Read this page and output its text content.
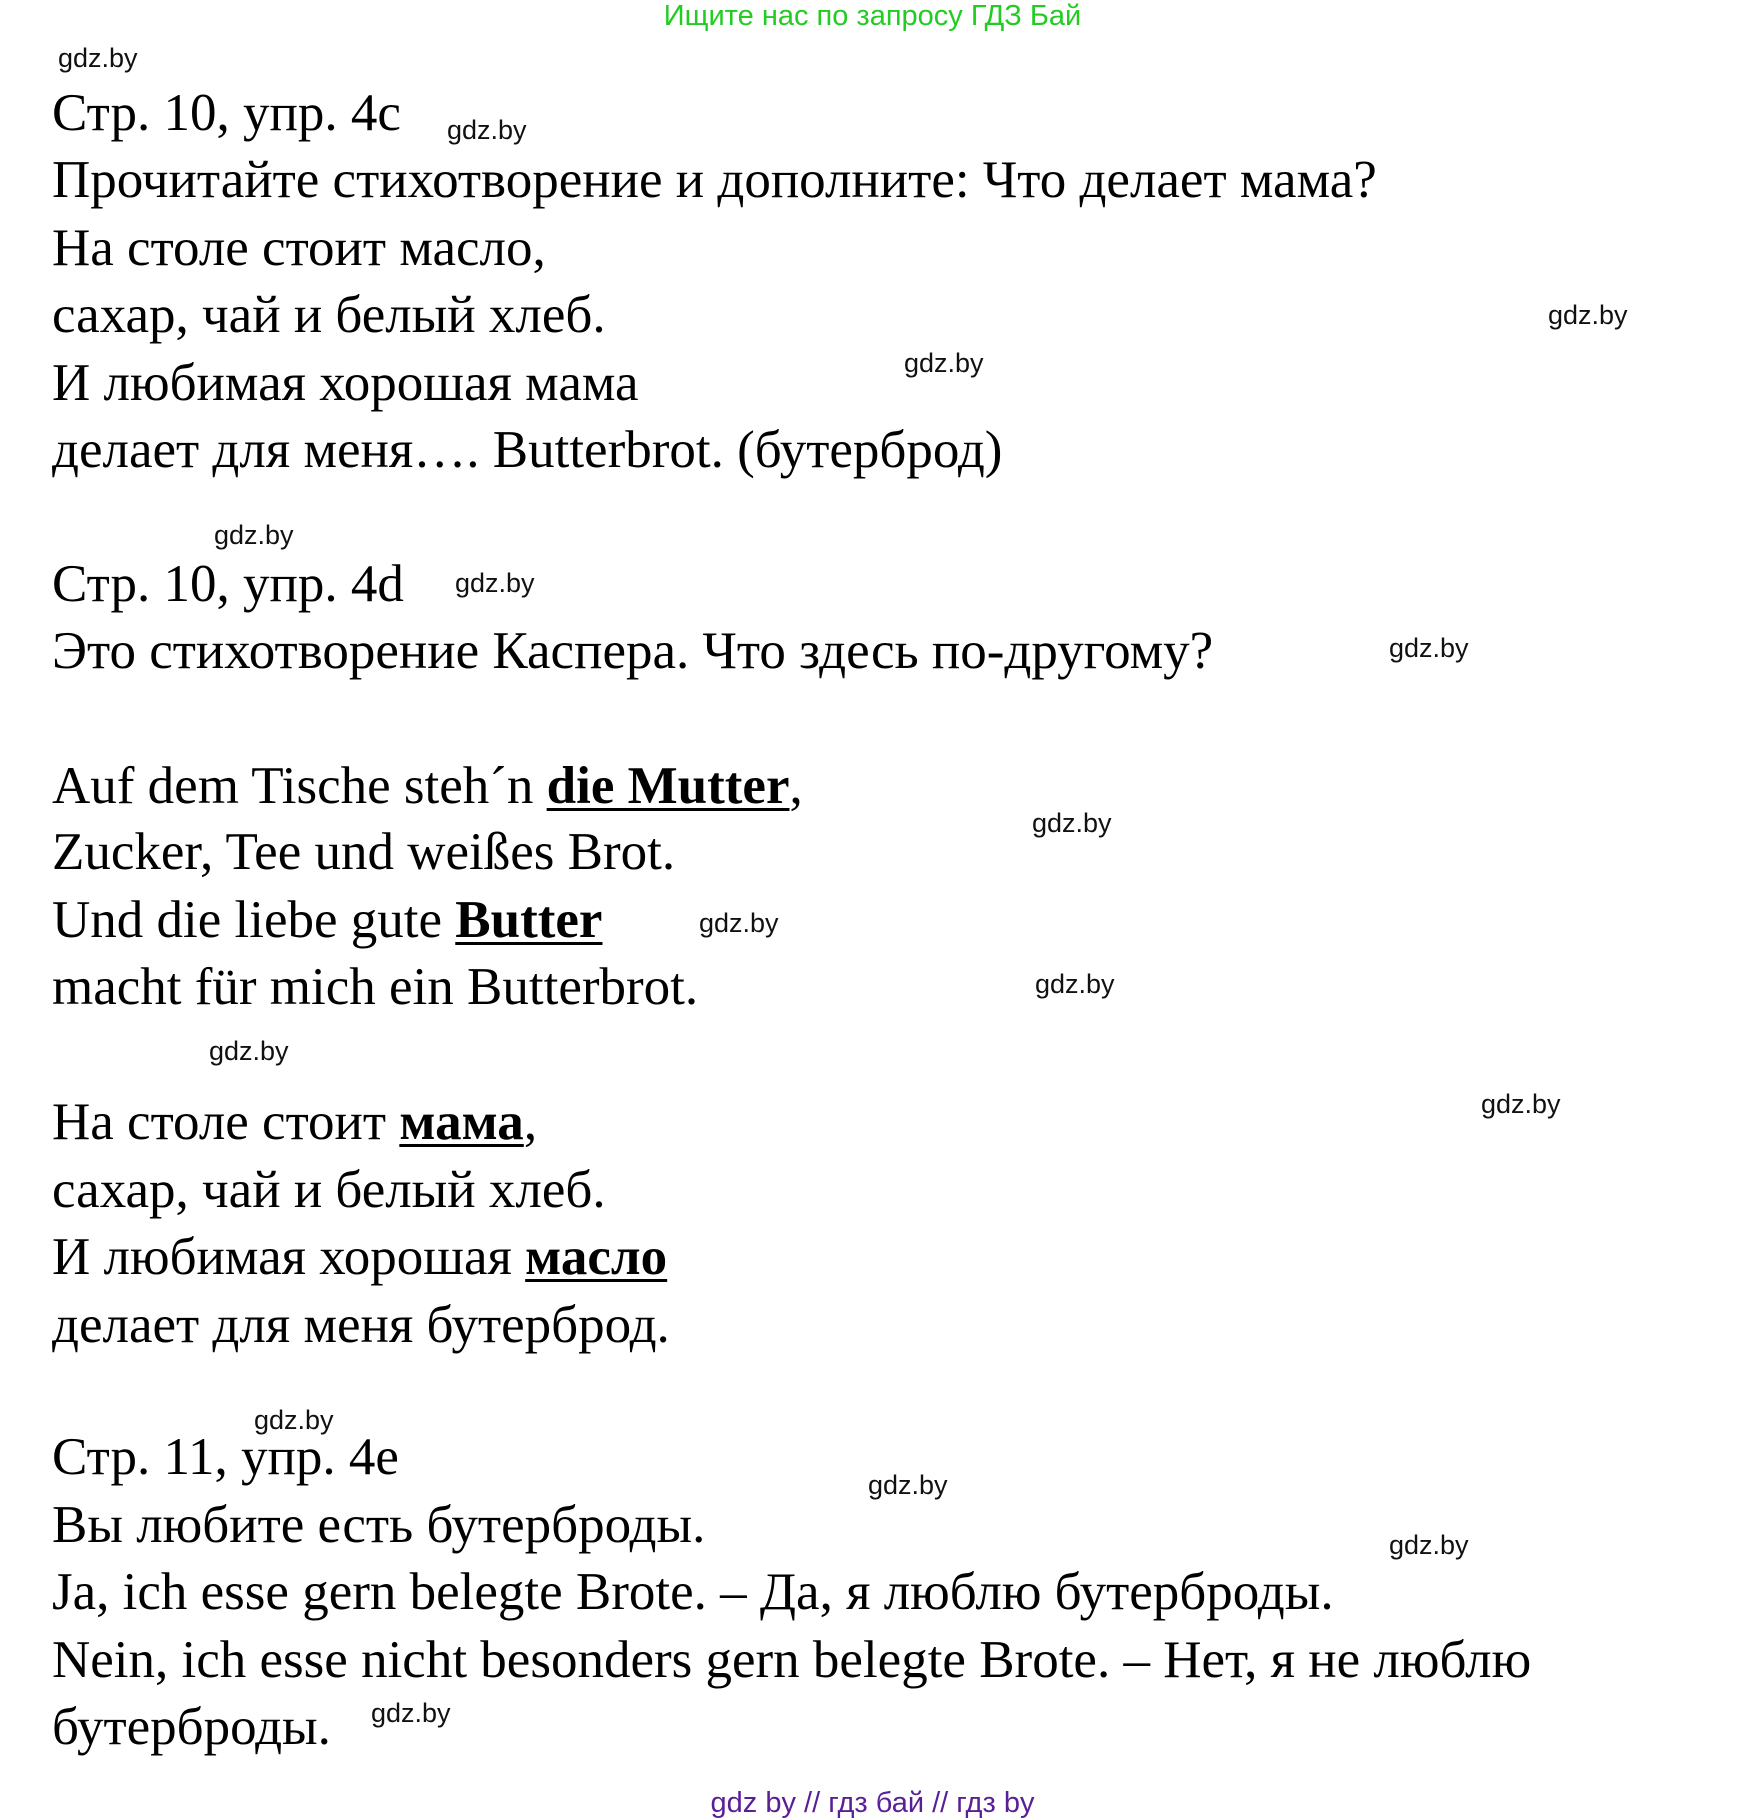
Ищите нас по запросу ГДЗ Бай
Стр. 10, упр. 4с
Прочитайте стихотворение и дополните: Что делает мама?
На столе стоит масло,
сахар, чай и белый хлеб.
И любимая хорошая мама
делает для меня…. Butterbrot. (бутерброд)
Стр. 10, упр. 4d
Это стихотворение Каспера. Что здесь по-другому?
Auf dem Tische steh´n die Mutter,
Zucker, Tee und weißes Brot.
Und die liebe gute Butter
macht für mich ein Butterbrot.
На столе стоит мама,
сахар, чай и белый хлеб.
И любимая хорошая масло
делает для меня бутерброд.
Стр. 11, упр. 4е
Вы любите есть бутерброды.
Ja, ich esse gern belegte Brote. – Да, я люблю бутерброды.
Nein, ich esse nicht besonders gern belegte Brote. – Нет, я не люблю
бутерброды.
gdz.by
gdz.by
gdz.by
gdz.by
gdz.by
gdz.by
gdz.by
gdz.by
gdz.by
gdz.by
gdz.by
gdz.by
gdz.by
gdz.by
gdz.by
gdz.by
gdz by // гдз бай // гдз by
